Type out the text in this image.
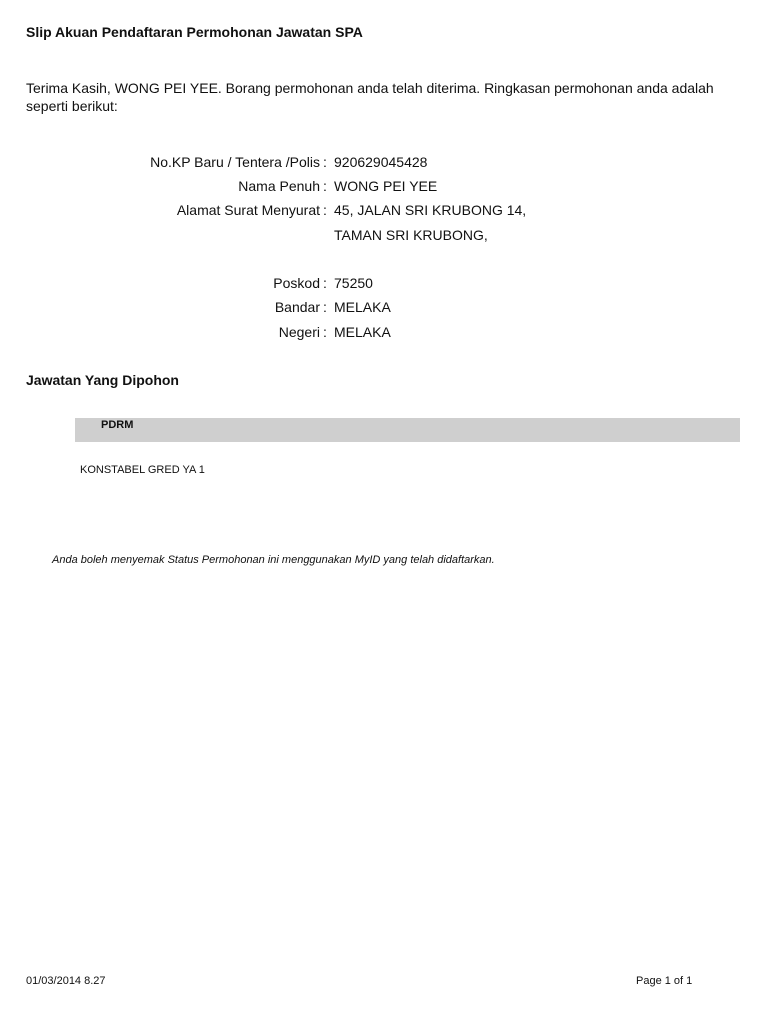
Slip Akuan Pendaftaran Permohonan Jawatan SPA
Terima Kasih, WONG PEI YEE. Borang permohonan anda telah diterima. Ringkasan permohonan anda adalah seperti berikut:
No.KP Baru / Tentera /Polis : 920629045428
Nama Penuh : WONG PEI YEE
Alamat Surat Menyurat : 45, JALAN SRI KRUBONG 14,
TAMAN SRI KRUBONG,
Poskod : 75250
Bandar : MELAKA
Negeri : MELAKA
Jawatan Yang Dipohon
PDRM
KONSTABEL GRED YA 1
Anda boleh menyemak Status Permohonan ini menggunakan MyID yang telah didaftarkan.
01/03/2014 8.27	Page 1 of 1
